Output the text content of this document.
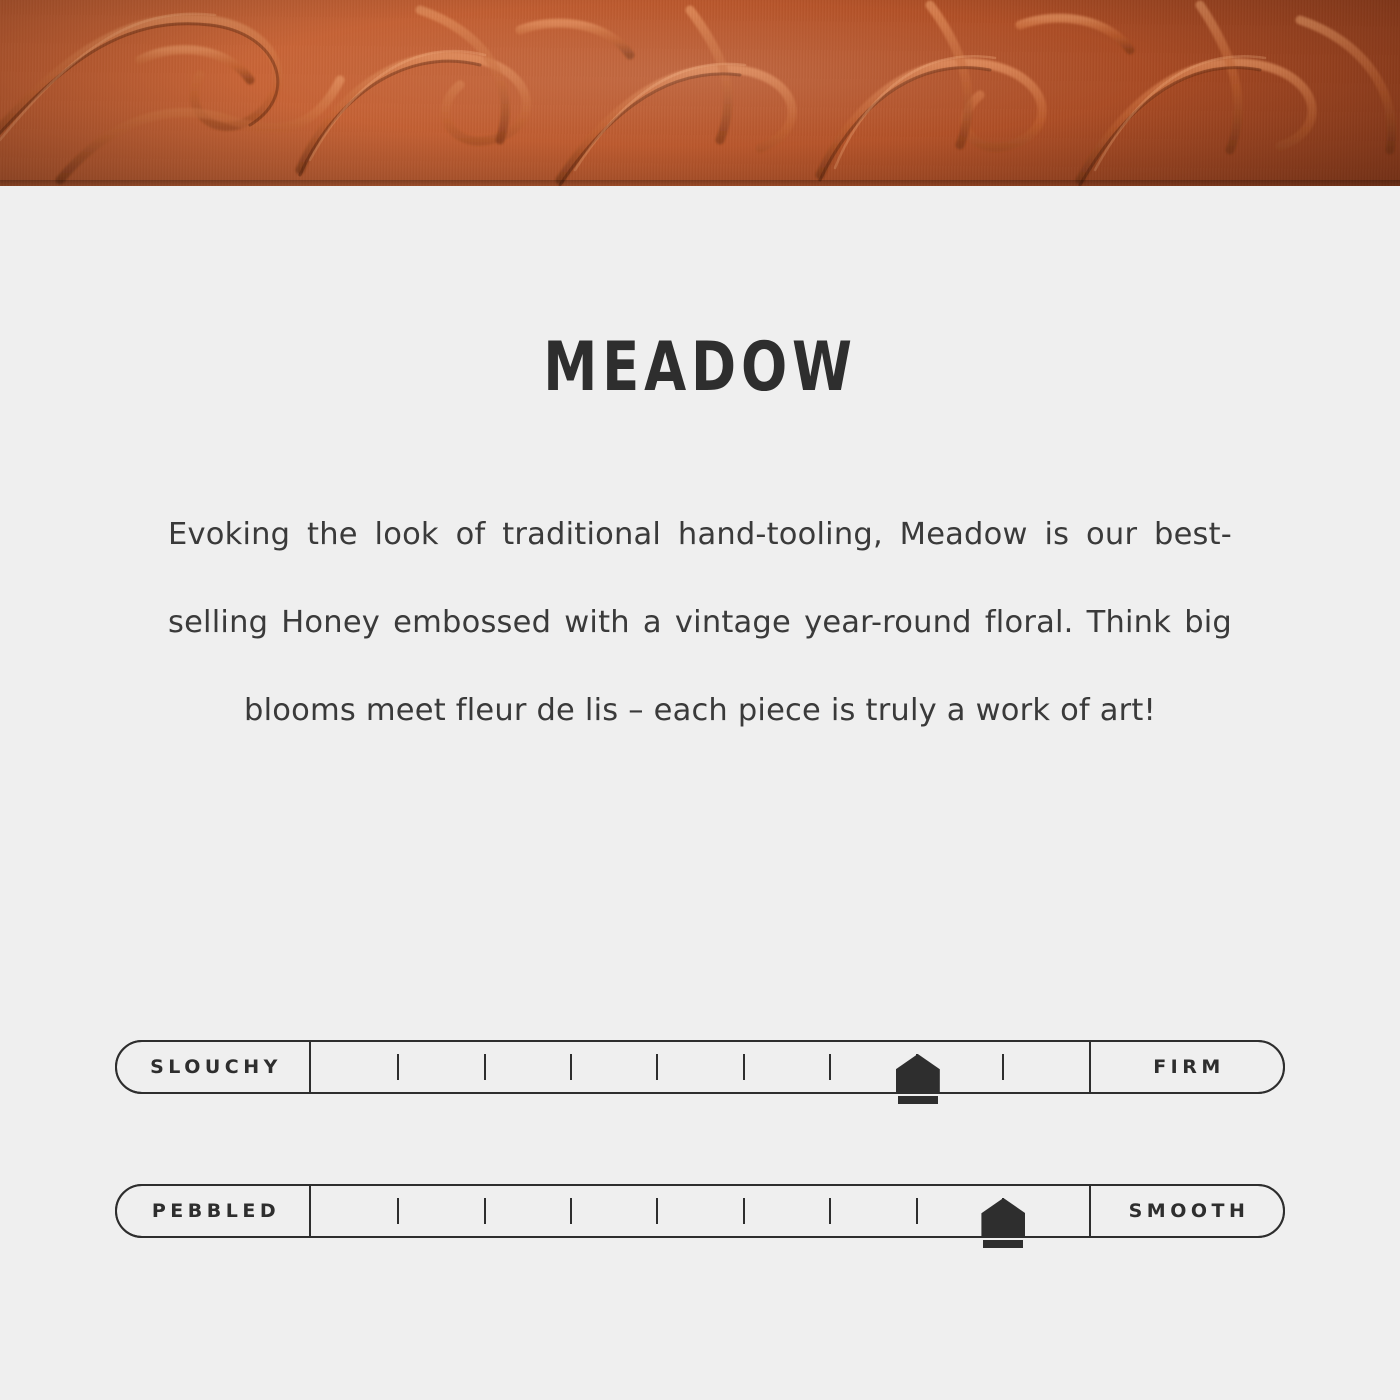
MEADOW

Evoking the look of traditional hand-tooling, Meadow is our best-selling Honey embossed with a vintage year-round floral. Think big blooms meet fleur de lis – each piece is truly a work of art!

SLOUCHY	FIRM
PEBBLED	SMOOTH
